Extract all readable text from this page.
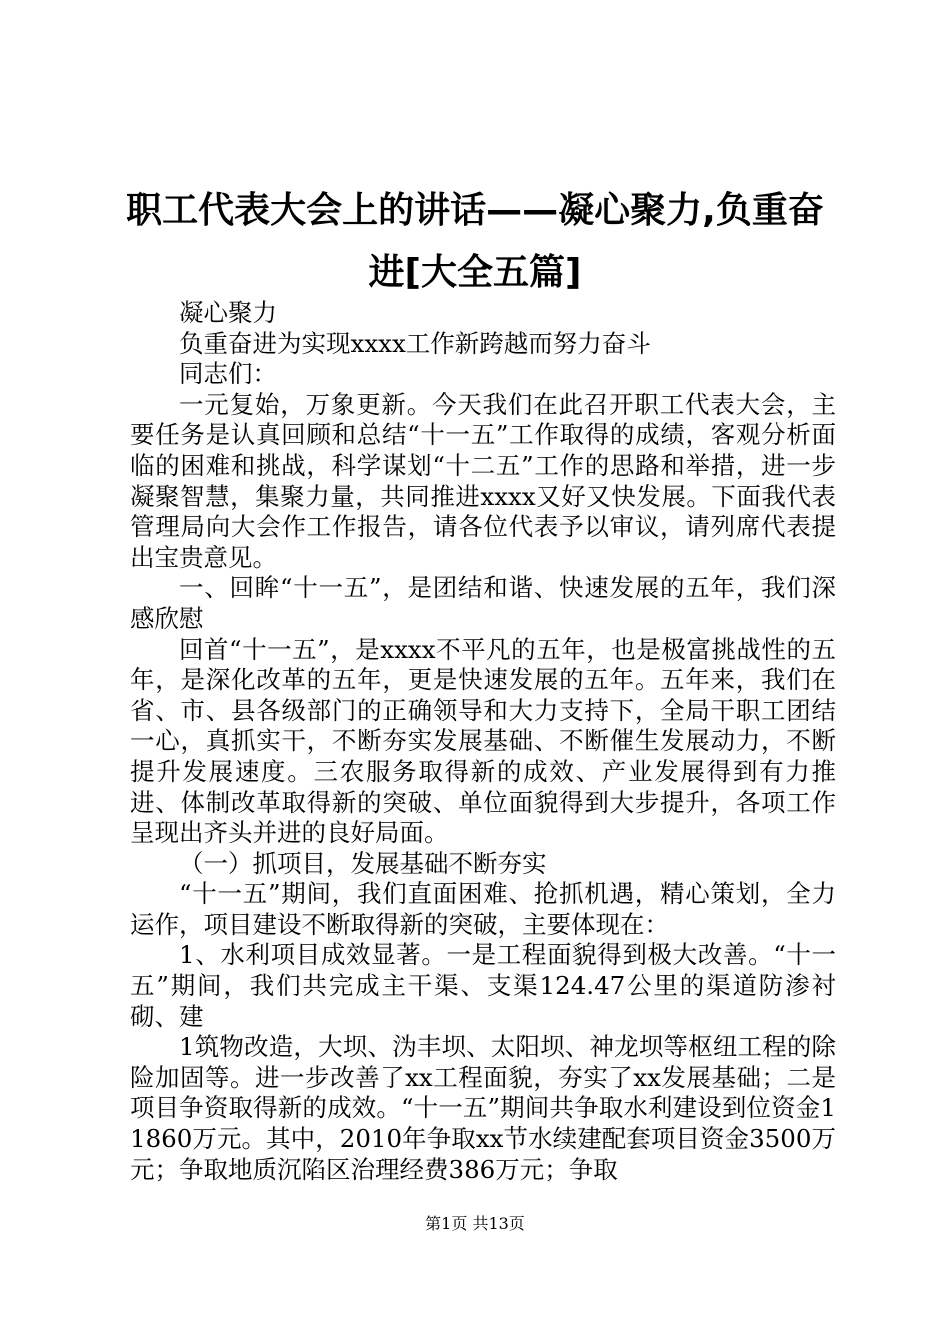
职工代表大会上的讲话——凝心聚力,负重奋
进[大全五篇]

凝心聚力

负重奋进为实现xxxx工作新跨越而努力奋斗

同志们：

一元复始，万象更新。今天我们在此召开职工代表大会，主要任务是认真回顾和总结“十一五”工作取得的成绩，客观分析面临的困难和挑战，科学谋划“十二五”工作的思路和举措，进一步凝聚智慧，集聚力量，共同推进xxxx又好又快发展。下面我代表管理局向大会作工作报告，请各位代表予以审议，请列席代表提出宝贵意见。

一、回眸“十一五”，是团结和谐、快速发展的五年，我们深感欣慰

回首“十一五”，是xxxx不平凡的五年，也是极富挑战性的五年，是深化改革的五年，更是快速发展的五年。五年来，我们在省、市、县各级部门的正确领导和大力支持下，全局干职工团结一心，真抓实干，不断夯实发展基础、不断催生发展动力，不断提升发展速度。三农服务取得新的成效、产业发展得到有力推进、体制改革取得新的突破、单位面貌得到大步提升，各项工作呈现出齐头并进的良好局面。

（一）抓项目，发展基础不断夯实

“十一五”期间，我们直面困难、抢抓机遇，精心策划，全力运作，项目建设不断取得新的突破，主要体现在：

1、水利项目成效显著。一是工程面貌得到极大改善。“十一五”期间，我们共完成主干渠、支渠124.47公里的渠道防渗衬砌、建

1筑物改造，大坝、沩丰坝、太阳坝、神龙坝等枢纽工程的除险加固等。进一步改善了xx工程面貌，夯实了xx发展基础；二是项目争资取得新的成效。“十一五”期间共争取水利建设到位资金11860万元。其中，2010年争取xx节水续建配套项目资金3500万元；争取地质沉陷区治理经费386万元；争取

第1页 共13页
